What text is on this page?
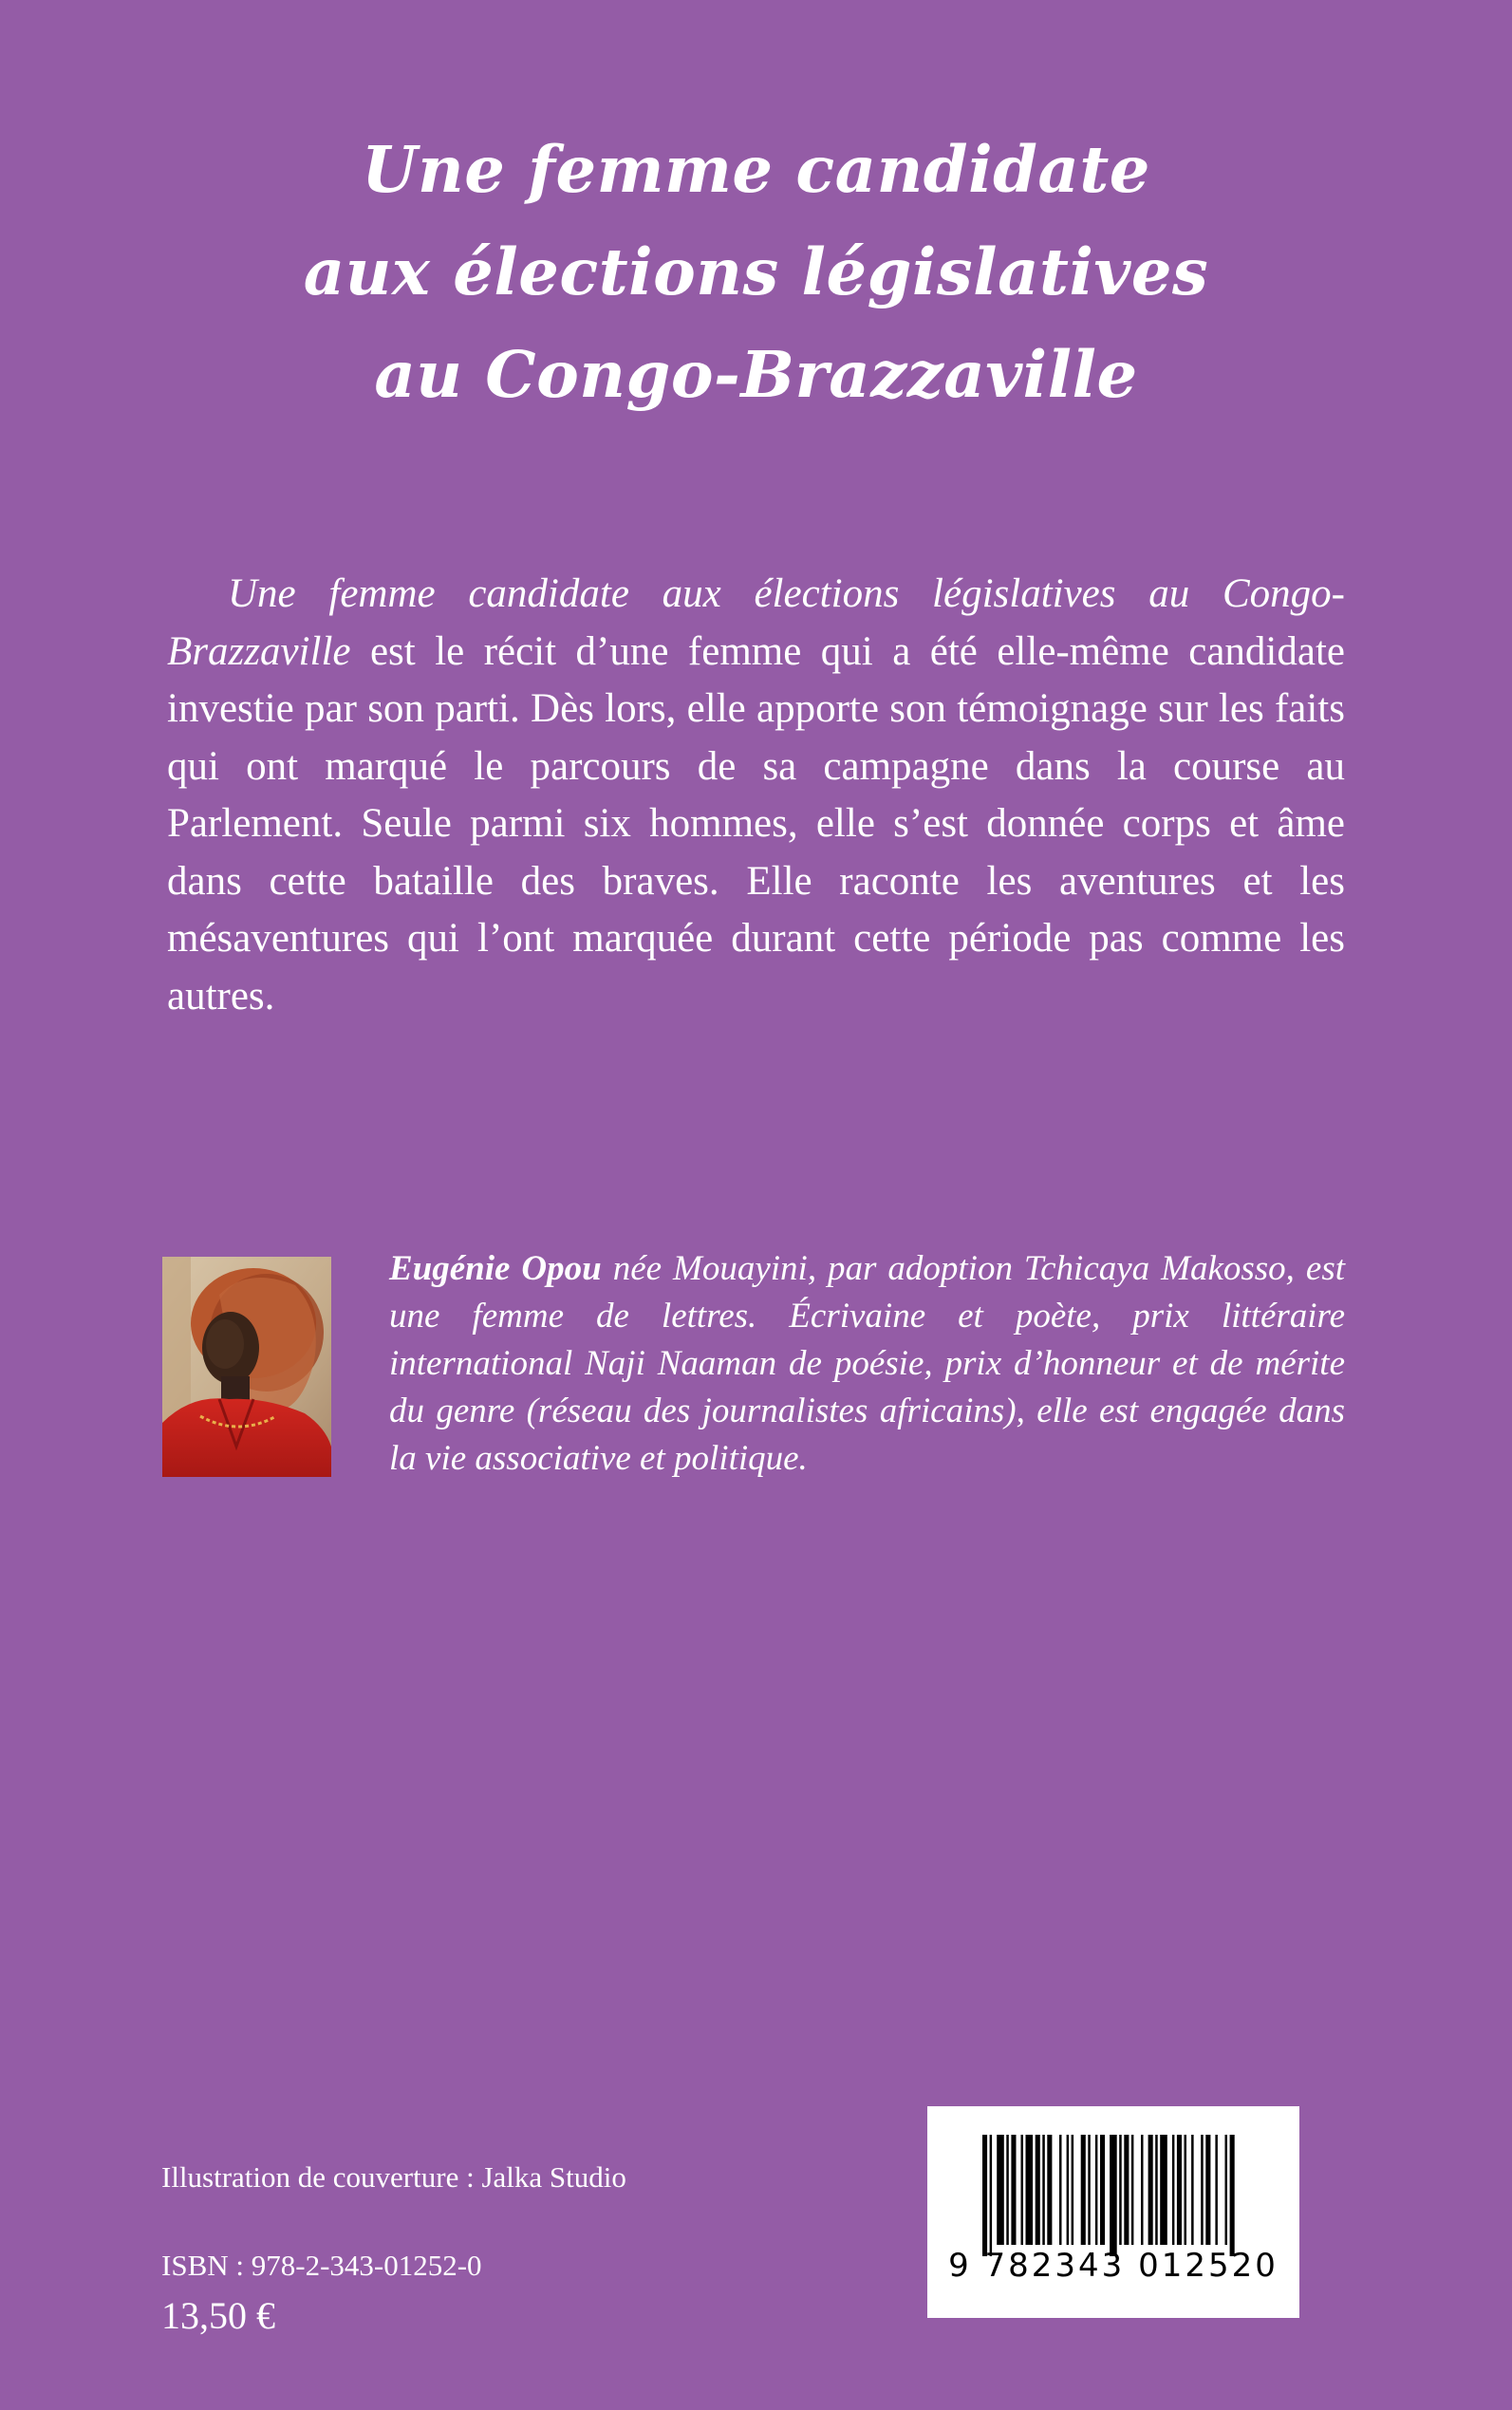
Une femme candidate
aux élections législatives
au Congo-Brazzaville

Une femme candidate aux élections législatives au Congo-Brazzaville est le récit d’une femme qui a été elle-même candidate investie par son parti. Dès lors, elle apporte son témoignage sur les faits qui ont marqué le parcours de sa campagne dans la course au Parlement. Seule parmi six hommes, elle s’est donnée corps et âme dans cette bataille des braves. Elle raconte les aventures et les mésaventures qui l’ont marquée durant cette période pas comme les autres.

Eugénie Opou née Mouayini, par adoption Tchicaya Makosso, est une femme de lettres. Écrivaine et poète, prix littéraire international Naji Naaman de poésie, prix d’honneur et de mérite du genre (réseau des journalistes africains), elle est engagée dans la vie associative et politique.

Illustration de couverture : Jalka Studio
ISBN : 978-2-343-01252-0
13,50 €
9 782343 012520
